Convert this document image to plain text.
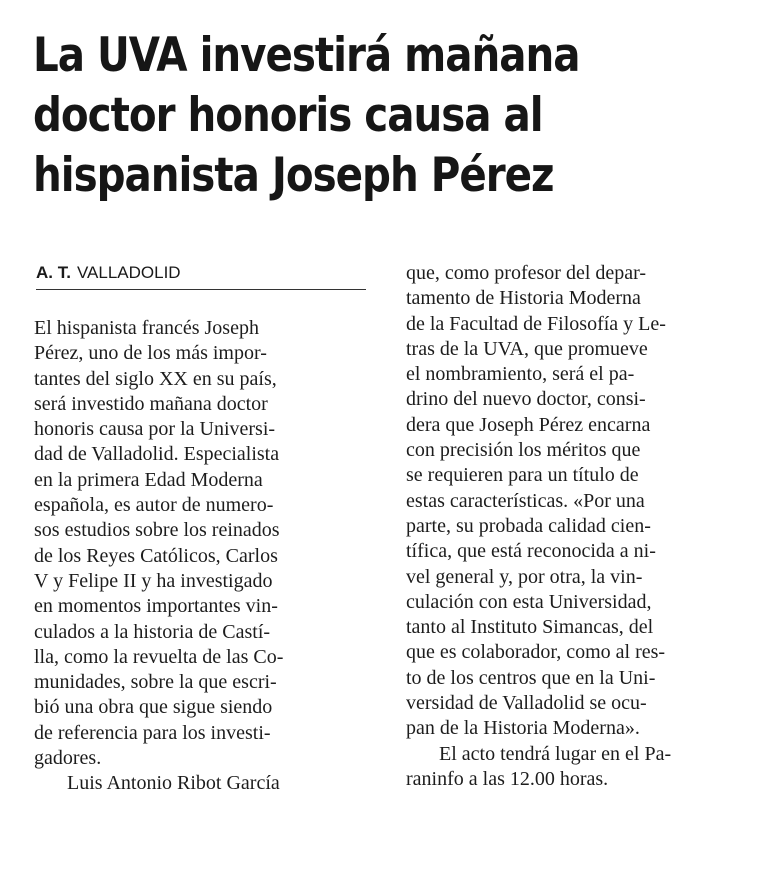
La UVA investirá mañana
doctor honoris causa al
hispanista Joseph Pérez
A. T. VALLADOLID
El hispanista francés Joseph
Pérez, uno de los más impor-
tantes del siglo XX en su país,
será investido mañana doctor
honoris causa por la Universi-
dad de Valladolid. Especialista
en la primera Edad Moderna
española, es autor de numero-
sos estudios sobre los reinados
de los Reyes Católicos, Carlos
V y Felipe II y ha investigado
en momentos importantes vin-
culados a la historia de Castí-
lla, como la revuelta de las Co-
munidades, sobre la que escri-
bió una obra que sigue siendo
de referencia para los investi-
gadores.
Luis Antonio Ribot García
que, como profesor del depar-
tamento de Historia Moderna
de la Facultad de Filosofía y Le-
tras de la UVA, que promueve
el nombramiento, será el pa-
drino del nuevo doctor, consi-
dera que Joseph Pérez encarna
con precisión los méritos que
se requieren para un título de
estas características. «Por una
parte, su probada calidad cien-
tífica, que está reconocida a ni-
vel general y, por otra, la vin-
culación con esta Universidad,
tanto al Instituto Simancas, del
que es colaborador, como al res-
to de los centros que en la Uni-
versidad de Valladolid se ocu-
pan de la Historia Moderna».
El acto tendrá lugar en el Pa-
raninfo a las 12.00 horas.
